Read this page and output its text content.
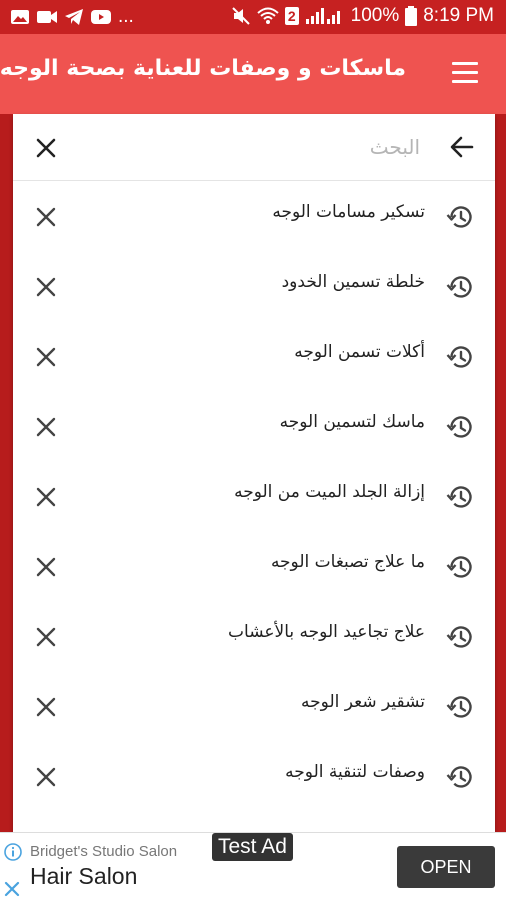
...	2	100% 8:19 PM
ماسكات و وصفات للعناية بصحة الوجه
البحث
تسكير مسامات الوجه
خلطة تسمين الخدود
أكلات تسمن الوجه
ماسك لتسمين الوجه
إزالة الجلد الميت من الوجه
ما علاج تصبغات الوجه
علاج تجاعيد الوجه بالأعشاب
تشقير شعر الوجه
وصفات لتنقية الوجه
Bridget's Studio Salon
Hair Salon
Test Ad
OPEN
